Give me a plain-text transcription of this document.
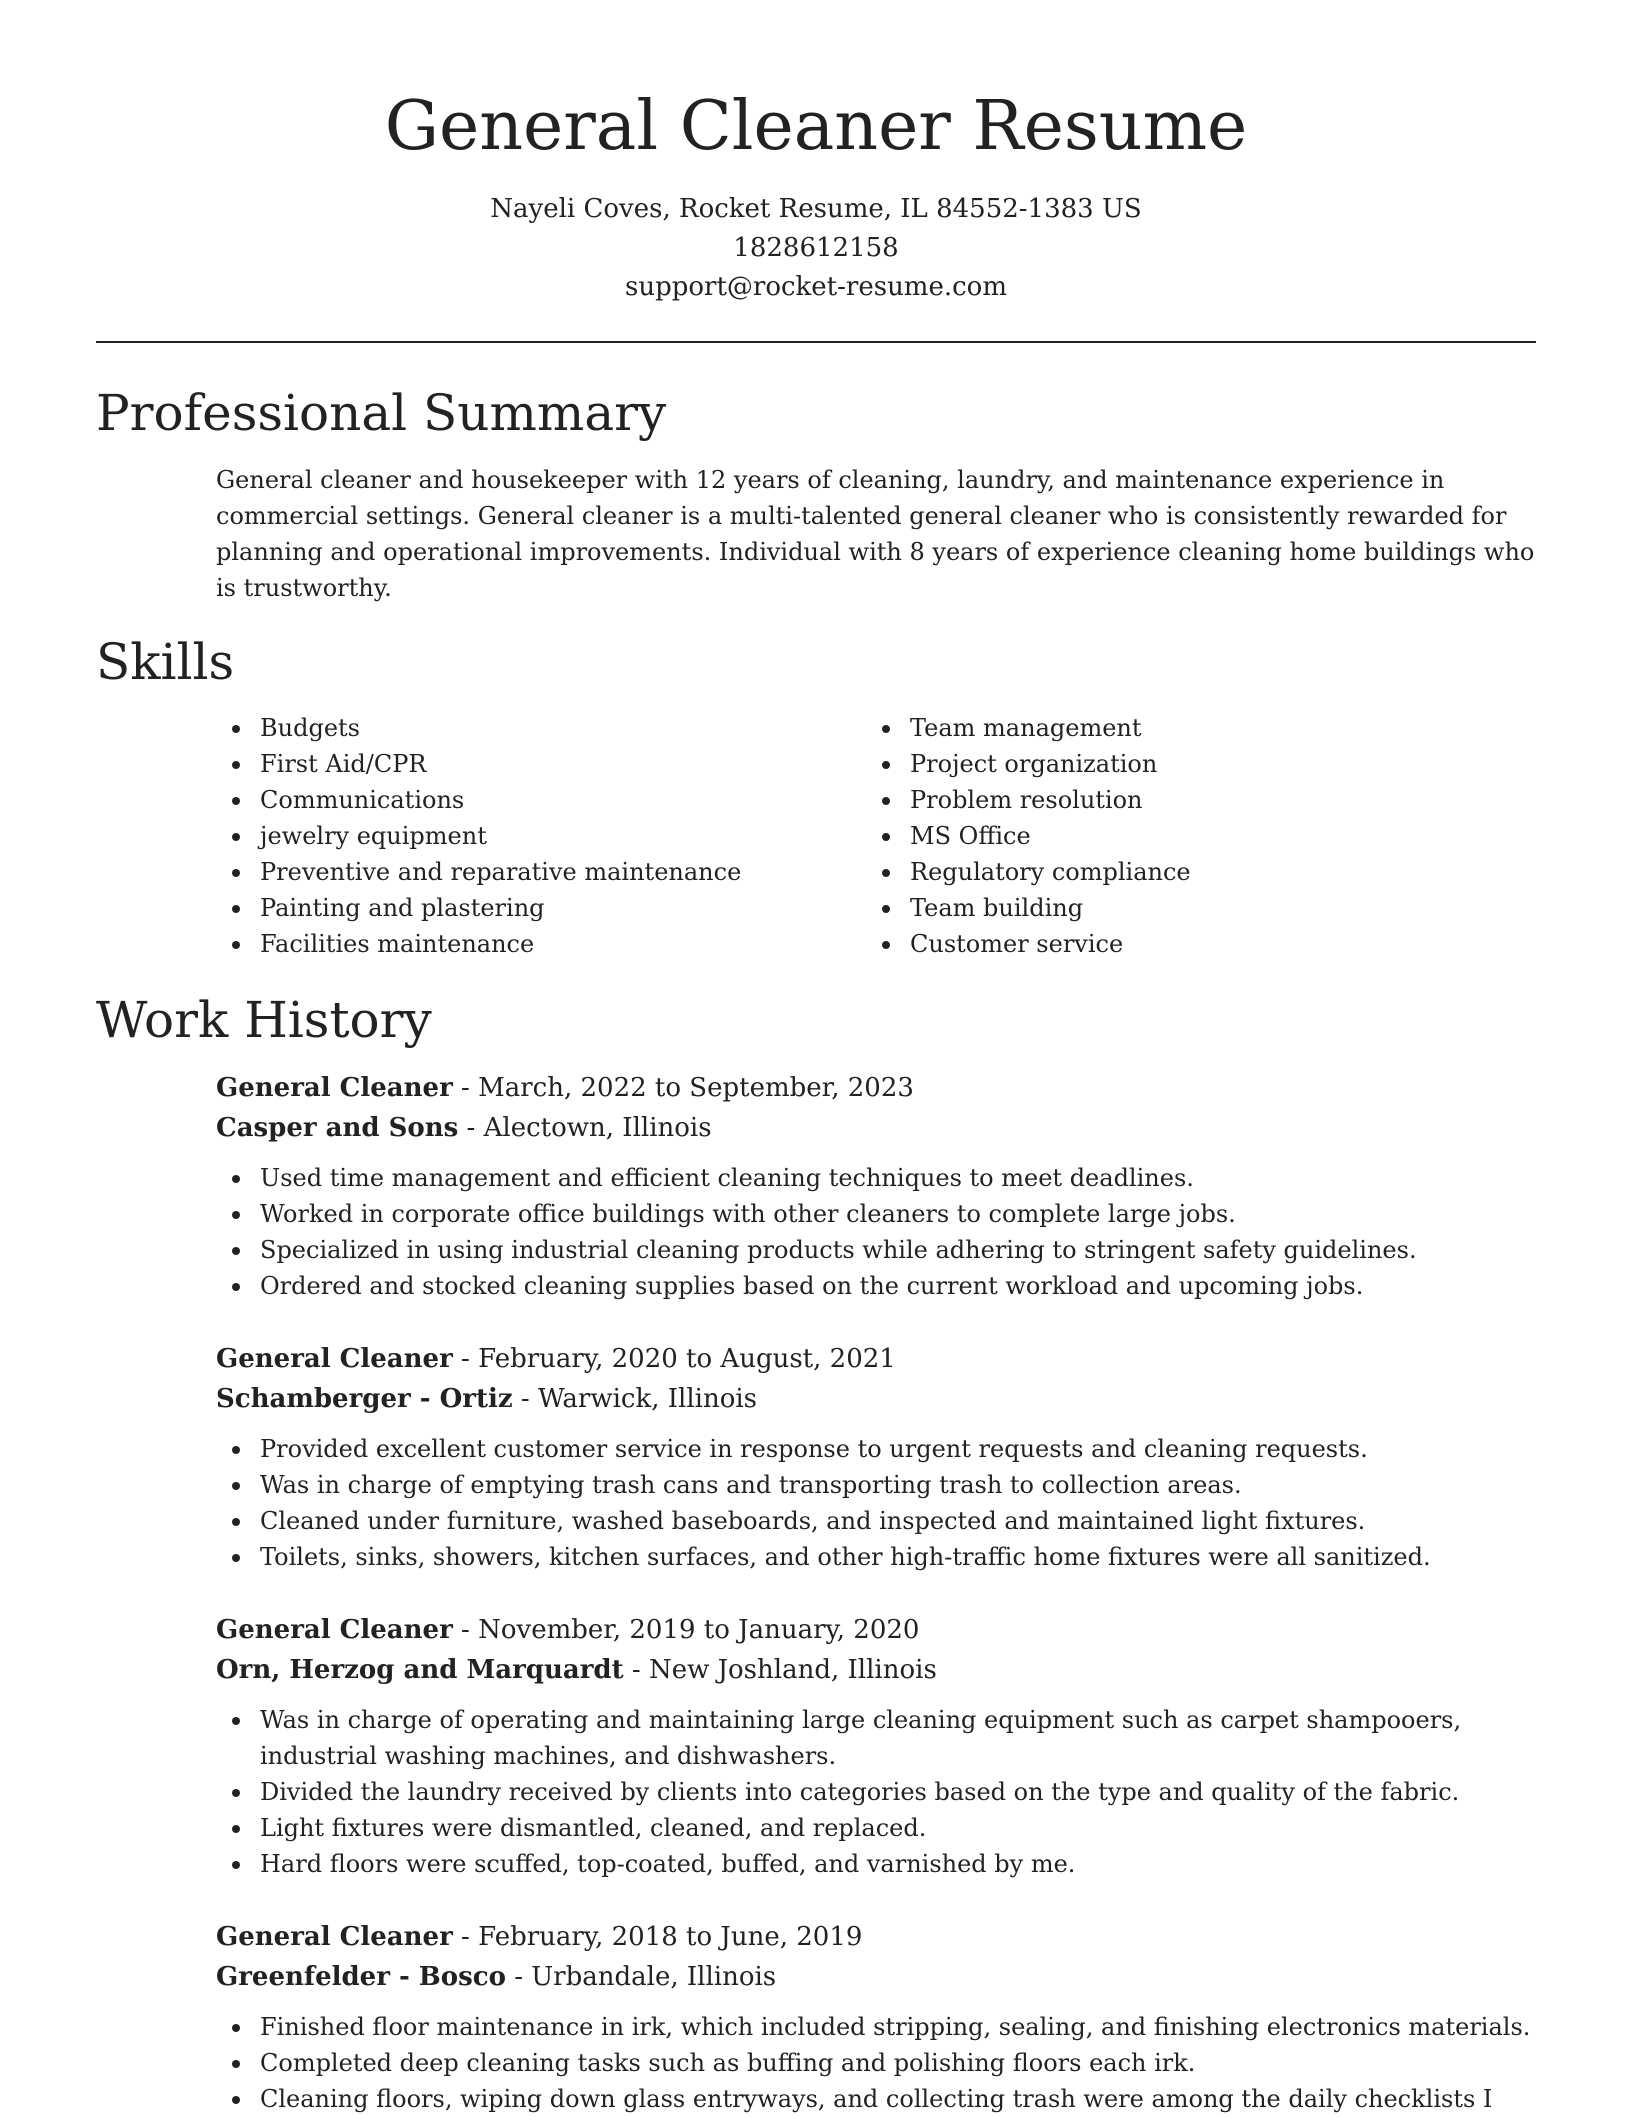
General Cleaner Resume
Nayeli Coves, Rocket Resume, IL 84552-1383 US
1828612158
support@rocket-resume.com
Professional Summary

General cleaner and housekeeper with 12 years of cleaning, laundry, and maintenance experience in commercial settings. General cleaner is a multi-talented general cleaner who is consistently rewarded for planning and operational improvements. Individual with 8 years of experience cleaning home buildings who is trustworthy.

Skills
Budgets
First Aid/CPR
Communications
jewelry equipment
Preventive and reparative maintenance
Painting and plastering
Facilities maintenance
Team management
Project organization
Problem resolution
MS Office
Regulatory compliance
Team building
Customer service
Work History

General Cleaner - March, 2022 to September, 2023

Casper and Sons - Alectown, Illinois

Used time management and efficient cleaning techniques to meet deadlines.
Worked in corporate office buildings with other cleaners to complete large jobs.
Specialized in using industrial cleaning products while adhering to stringent safety guidelines.
Ordered and stocked cleaning supplies based on the current workload and upcoming jobs.

General Cleaner - February, 2020 to August, 2021

Schamberger - Ortiz - Warwick, Illinois

Provided excellent customer service in response to urgent requests and cleaning requests.
Was in charge of emptying trash cans and transporting trash to collection areas.
Cleaned under furniture, washed baseboards, and inspected and maintained light fixtures.
Toilets, sinks, showers, kitchen surfaces, and other high-traffic home fixtures were all sanitized.

General Cleaner - November, 2019 to January, 2020

Orn, Herzog and Marquardt - New Joshland, Illinois

Was in charge of operating and maintaining large cleaning equipment such as carpet shampooers, industrial washing machines, and dishwashers.
Divided the laundry received by clients into categories based on the type and quality of the fabric.
Light fixtures were dismantled, cleaned, and replaced.
Hard floors were scuffed, top-coated, buffed, and varnished by me.

General Cleaner - February, 2018 to June, 2019

Greenfelder - Bosco - Urbandale, Illinois

Finished floor maintenance in irk, which included stripping, sealing, and finishing electronics materials.
Completed deep cleaning tasks such as buffing and polishing floors each irk.
Cleaning floors, wiping down glass entryways, and collecting trash were among the daily checklists I
